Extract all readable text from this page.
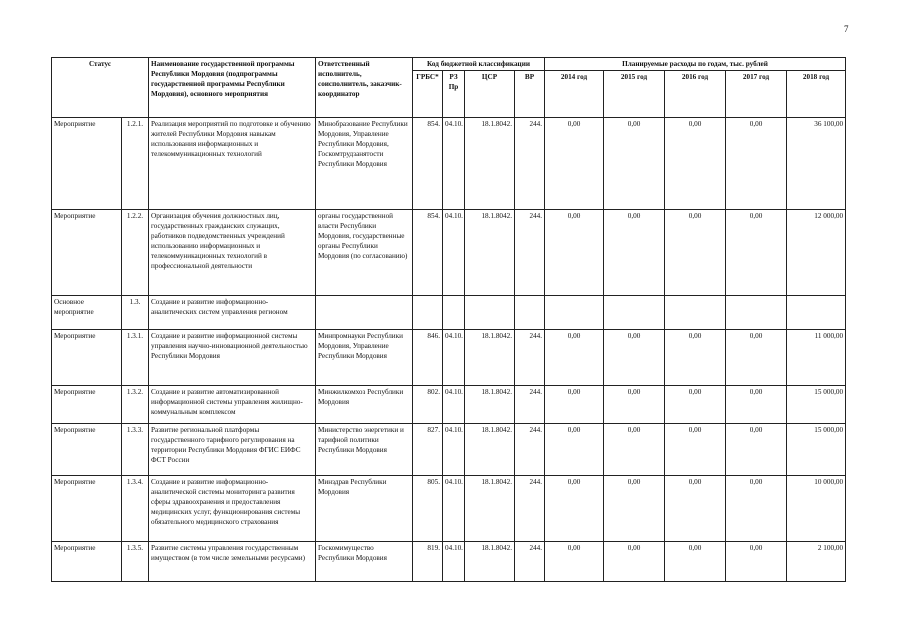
7
Статус		Наименование государственной программы Республики Мордовия (подпрограммы государственной программы Республики Мордовия), основного мероприятия	Ответственный исполнитель, соисполнитель, заказчик-координатор	Код бюджетной классификации				Планируемые расходы по годам, тыс. рублей				
				ГРБС*	РЗ Пр	ЦСР	ВР	2014 год	2015 год	2016 год	2017 год	2018 год
Мероприятие	1.2.1.	Реализация мероприятий по подготовке и обучению жителей Республики Мордовия навыкам использования информационных и телекоммуникационных технологий	Минобразование Республики Мордовия, Управление Республики Мордовия, Госкомтрудзанятости Республики Мордовия	854.	04.10.	18.1.8042.	244.	0,00	0,00	0,00	0,00	36 100,00
Мероприятие	1.2.2.	Организация обучения должностных лиц, государственных гражданских служащих, работников подведомственных учреждений использованию информационных и телекоммуникационных технологий в профессиональной деятельности	органы государственной власти Республики Мордовия, государственные органы Республики Мордовия (по согласованию)	854.	04.10.	18.1.8042.	244.	0,00	0,00	0,00	0,00	12 000,00
Основное мероприятие	1.3.	Создание и развитие информационно-аналитических систем управления регионом										
Мероприятие	1.3.1.	Создание и развитие информационной системы управления научно-инновационной деятельностью Республики Мордовия	Минпромнауки Республики Мордовия, Управление Республики Мордовия	846.	04.10.	18.1.8042.	244.	0,00	0,00	0,00	0,00	11 000,00
Мероприятие	1.3.2.	Создание и развитие автоматизированной информационной системы управления жилищно-коммунальным комплексом	Минжилкомхоз Республики Мордовия	802.	04.10.	18.1.8042.	244.	0,00	0,00	0,00	0,00	15 000,00
Мероприятие	1.3.3.	Развитие региональной платформы государственного тарифного регулирования на территории Республики Мордовия ФГИС ЕИФС ФСТ России	Министерство энергетики и тарифной политики Республики Мордовия	827.	04.10.	18.1.8042.	244.	0,00	0,00	0,00	0,00	15 000,00
Мероприятие	1.3.4.	Создание и развитие информационно-аналитической системы мониторинга развития сферы здравоохранения и предоставления медицинских услуг, функционирования системы обязательного медицинского страхования	Минздрав Республики Мордовия	805.	04.10.	18.1.8042.	244.	0,00	0,00	0,00	0,00	10 000,00
Мероприятие	1.3.5.	Развитие системы управления государственным имуществом (в том числе земельными ресурсами)	Госкомимущество Республики Мордовия	819.	04.10.	18.1.8042.	244.	0,00	0,00	0,00	0,00	2 100,00
